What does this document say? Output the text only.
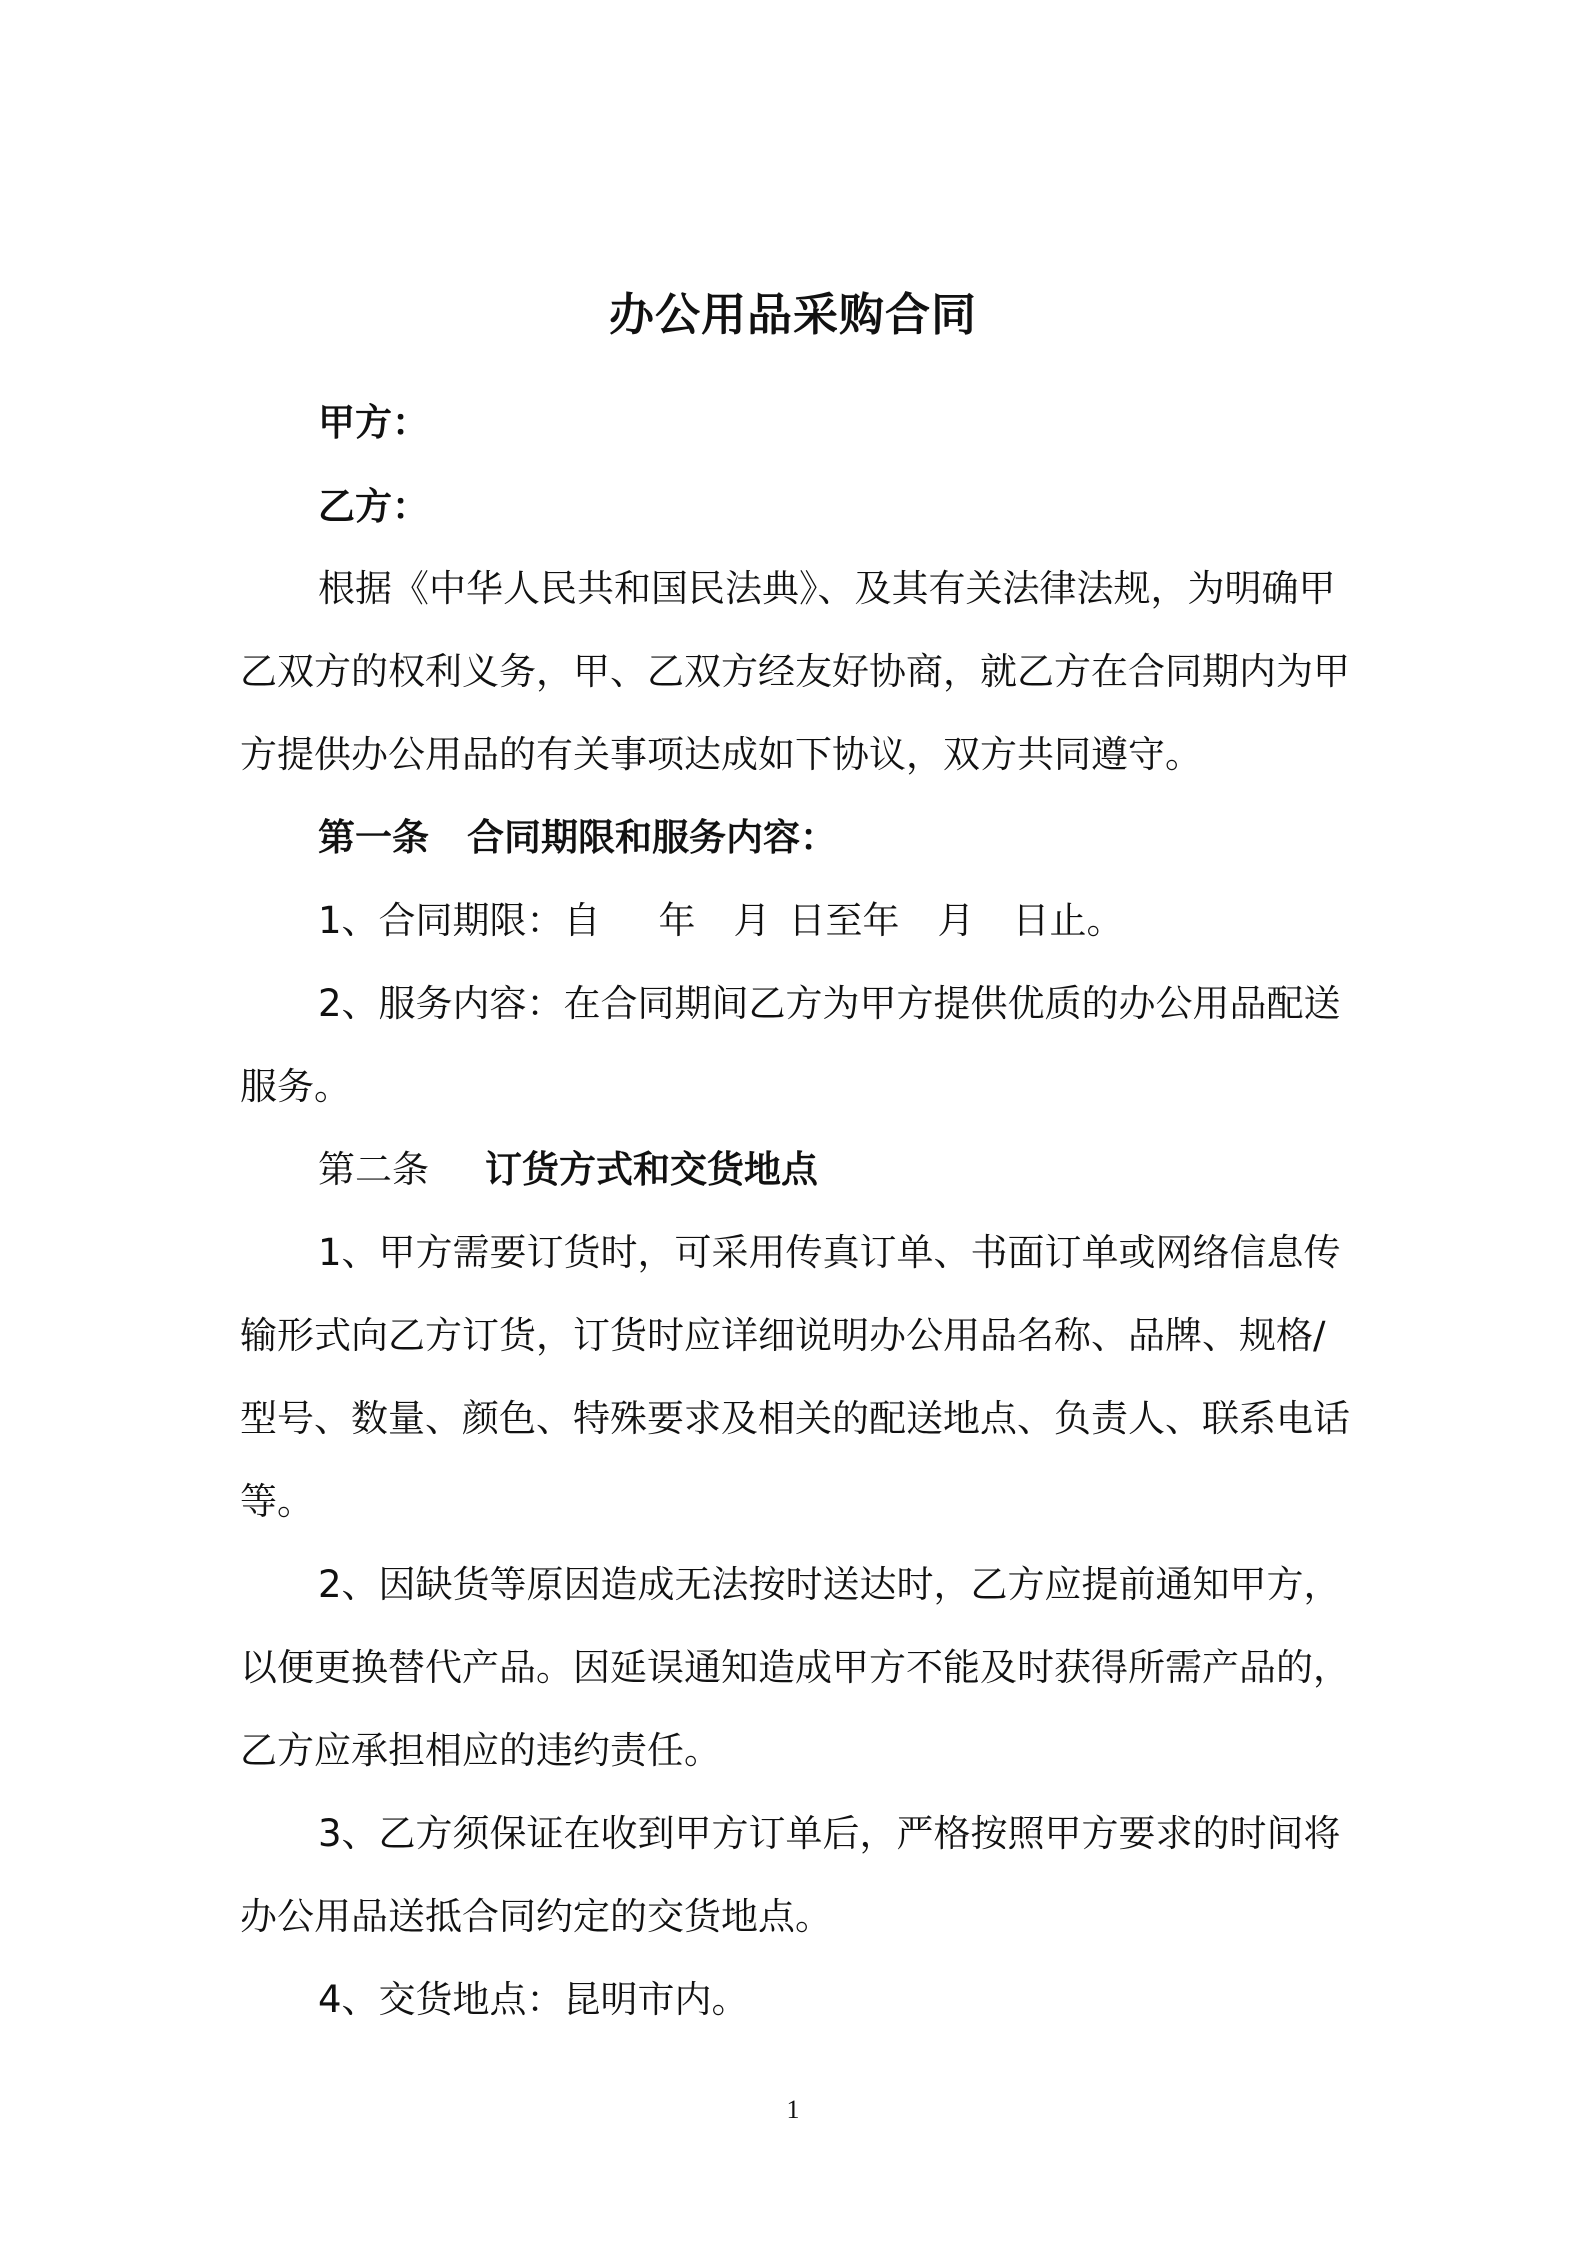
办公用品采购合同
甲方：
乙方：
根据《中华人民共和国民法典》、及其有关法律法规，为明确甲
乙双方的权利义务，甲、乙双方经友好协商，就乙方在合同期内为甲
方提供办公用品的有关事项达成如下协议，双方共同遵守。
第一条 合同期限和服务内容：
1、合同期限：自 年 月 日至年 月 日止。
2、服务内容：在合同期间乙方为甲方提供优质的办公用品配送
服务。
第二条 订货方式和交货地点
1、甲方需要订货时，可采用传真订单、书面订单或网络信息传
输形式向乙方订货，订货时应详细说明办公用品名称、品牌、规格/
型号、数量、颜色、特殊要求及相关的配送地点、负责人、联系电话
等。
2、因缺货等原因造成无法按时送达时，乙方应提前通知甲方，
以便更换替代产品。因延误通知造成甲方不能及时获得所需产品的，
乙方应承担相应的违约责任。
3、乙方须保证在收到甲方订单后，严格按照甲方要求的时间将
办公用品送抵合同约定的交货地点。
4、交货地点：昆明市内。
1
